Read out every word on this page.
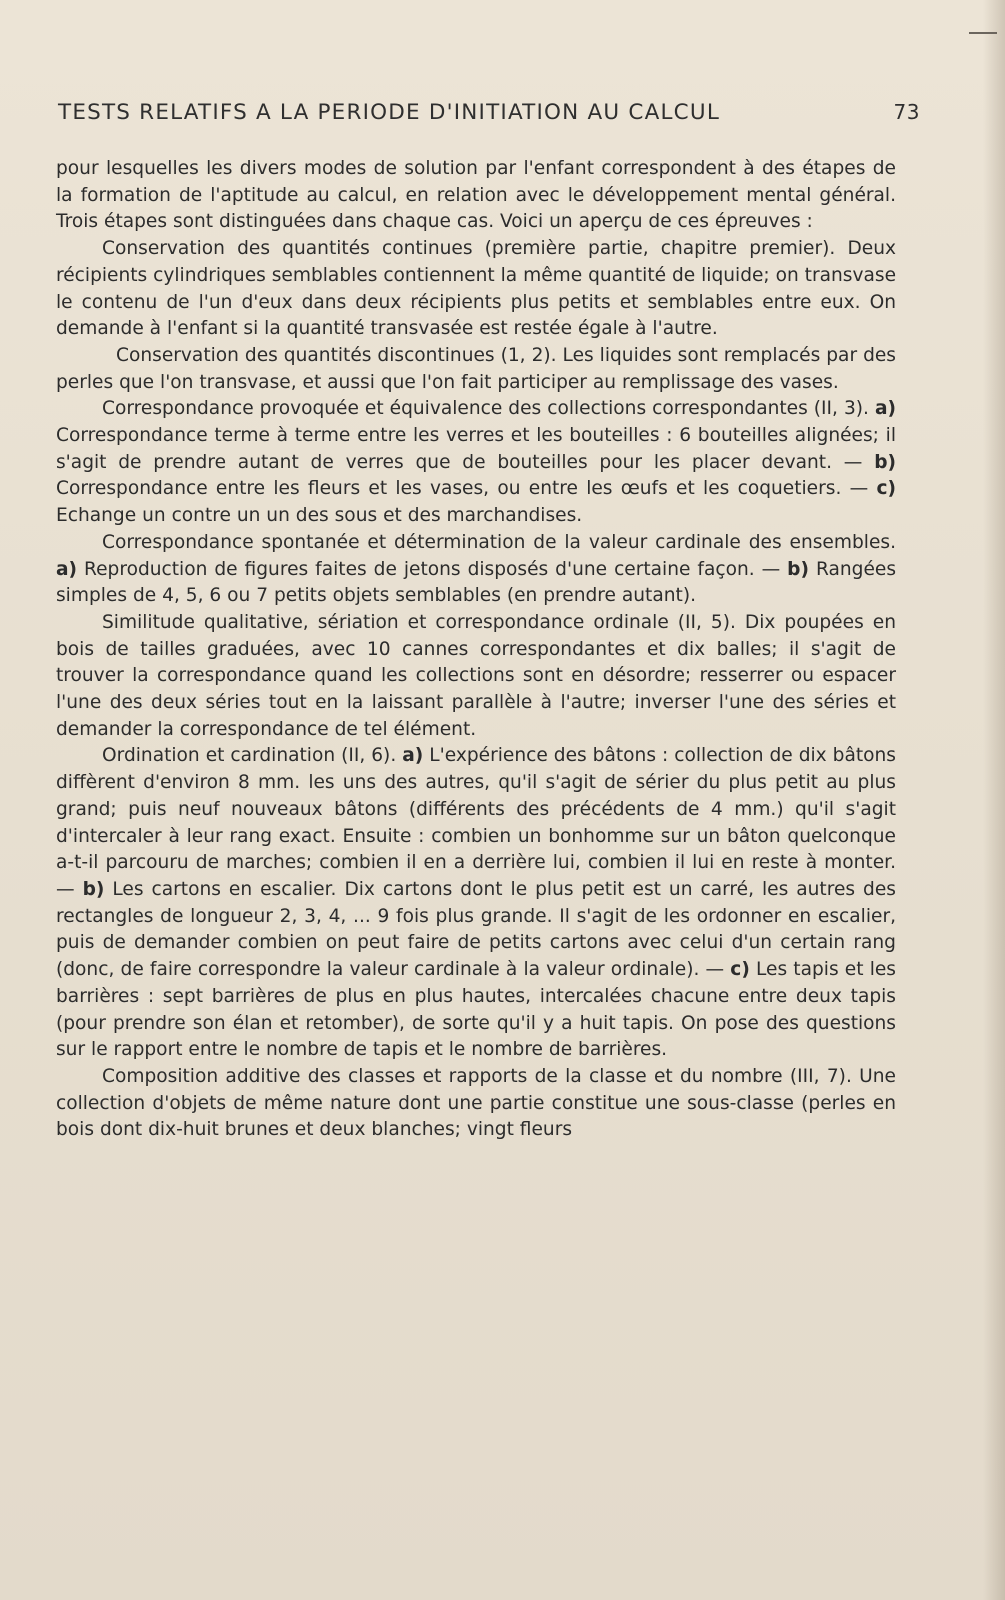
TESTS RELATIFS A LA PERIODE D'INITIATION AU CALCUL	73

pour lesquelles les divers modes de solution par l'enfant correspondent à des étapes de la formation de l'aptitude au calcul, en relation avec le développement mental général. Trois étapes sont distinguées dans chaque cas. Voici un aperçu de ces épreuves :

Conservation des quantités continues (première partie, chapitre premier). Deux récipients cylindriques semblables contiennent la même quantité de liquide; on transvase le contenu de l'un d'eux dans deux récipients plus petits et semblables entre eux. On demande à l'enfant si la quantité transvasée est restée égale à l'autre.

Conservation des quantités discontinues (1, 2). Les liquides sont remplacés par des perles que l'on transvase, et aussi que l'on fait participer au remplissage des vases.

Correspondance provoquée et équivalence des collections correspondantes (II, 3). a) Correspondance terme à terme entre les verres et les bouteilles : 6 bouteilles alignées; il s'agit de prendre autant de verres que de bouteilles pour les placer devant. — b) Correspondance entre les fleurs et les vases, ou entre les œufs et les coquetiers. — c) Echange un contre un un des sous et des marchandises.

Correspondance spontanée et détermination de la valeur cardinale des ensembles. a) Reproduction de figures faites de jetons disposés d'une certaine façon. — b) Rangées simples de 4, 5, 6 ou 7 petits objets semblables (en prendre autant).

Similitude qualitative, sériation et correspondance ordinale (II, 5). Dix poupées en bois de tailles graduées, avec 10 cannes correspondantes et dix balles; il s'agit de trouver la correspondance quand les collections sont en désordre; resserrer ou espacer l'une des deux séries tout en la laissant parallèle à l'autre; inverser l'une des séries et demander la correspondance de tel élément.

Ordination et cardination (II, 6). a) L'expérience des bâtons : collection de dix bâtons diffèrent d'environ 8 mm. les uns des autres, qu'il s'agit de sérier du plus petit au plus grand; puis neuf nouveaux bâtons (différents des précédents de 4 mm.) qu'il s'agit d'intercaler à leur rang exact. Ensuite : combien un bonhomme sur un bâton quelconque a-t-il parcouru de marches; combien il en a derrière lui, combien il lui en reste à monter. — b) Les cartons en escalier. Dix cartons dont le plus petit est un carré, les autres des rectangles de longueur 2, 3, 4, ... 9 fois plus grande. Il s'agit de les ordonner en escalier, puis de demander combien on peut faire de petits cartons avec celui d'un certain rang (donc, de faire correspondre la valeur cardinale à la valeur ordinale). — c) Les tapis et les barrières : sept barrières de plus en plus hautes, intercalées chacune entre deux tapis (pour prendre son élan et retomber), de sorte qu'il y a huit tapis. On pose des questions sur le rapport entre le nombre de tapis et le nombre de barrières.

Composition additive des classes et rapports de la classe et du nombre (III, 7). Une collection d'objets de même nature dont une partie constitue une sous-classe (perles en bois dont dix-huit brunes et deux blanches; vingt fleurs
